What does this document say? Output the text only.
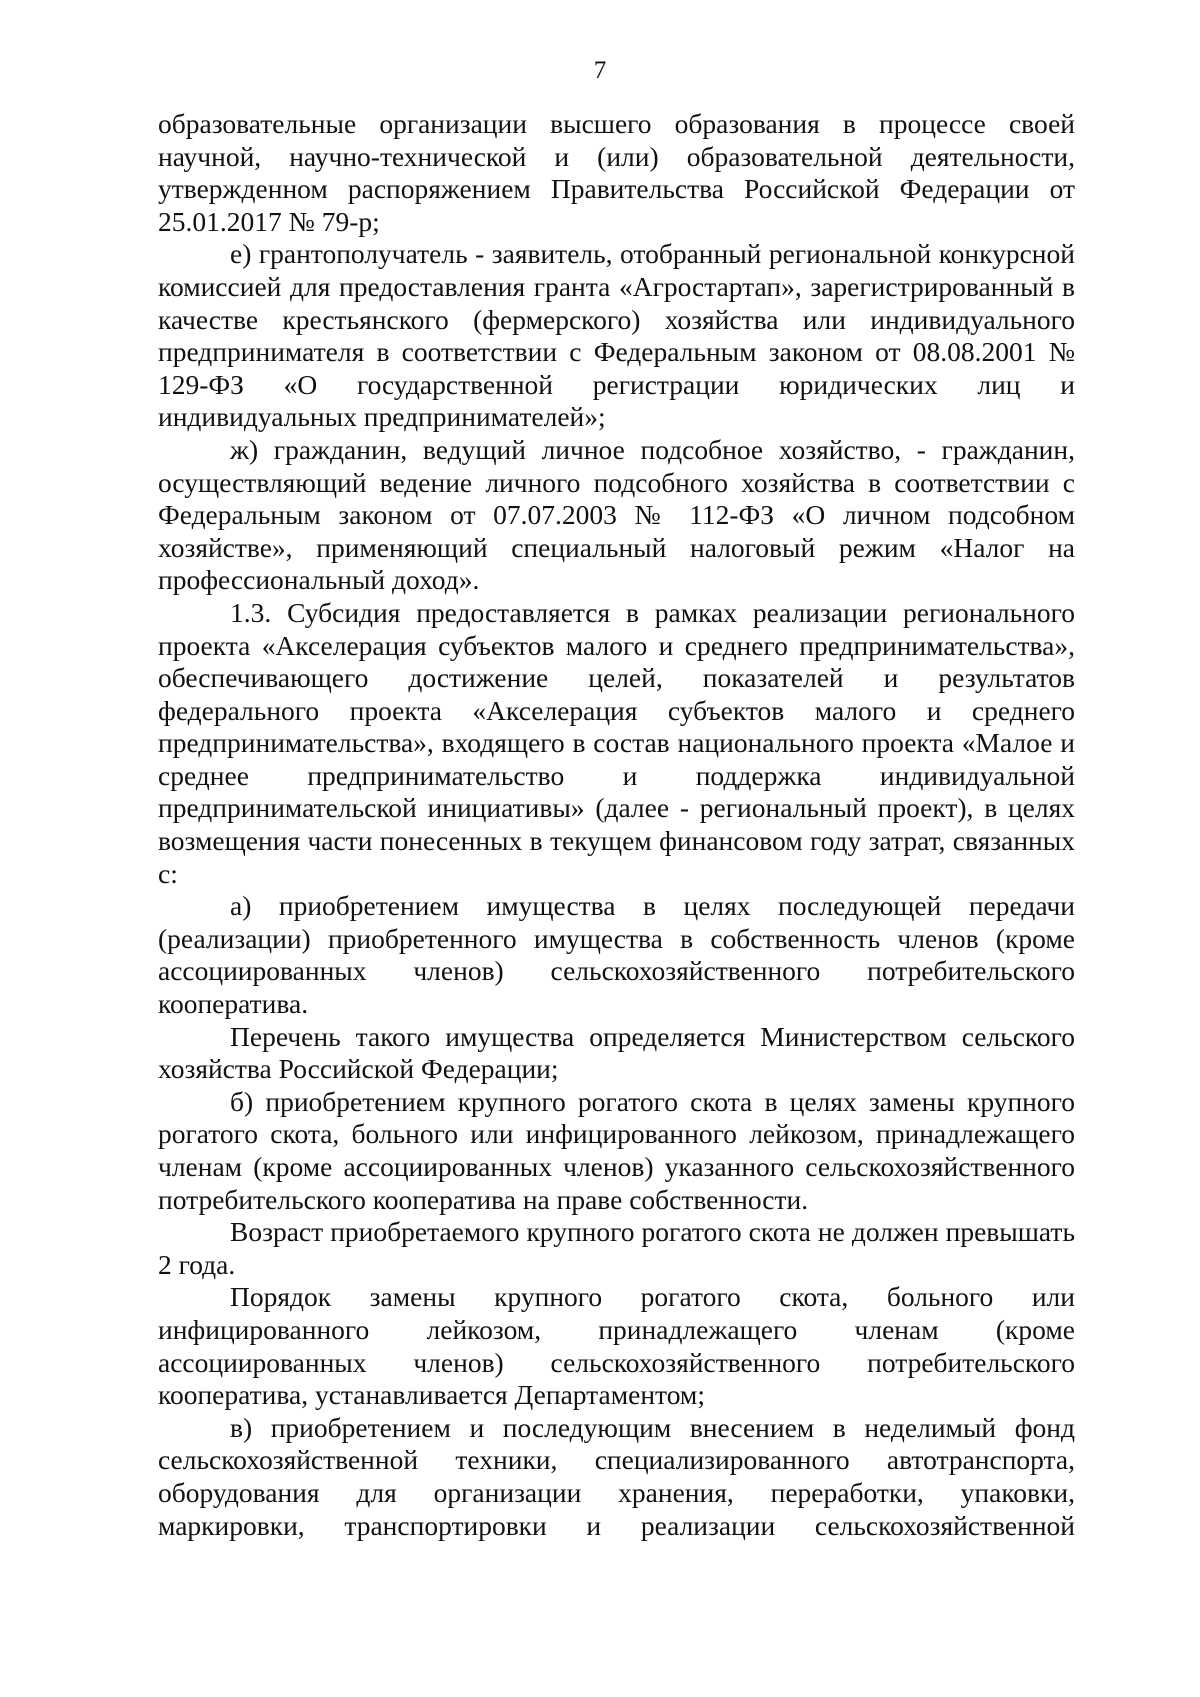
7

образовательные организации высшего образования в процессе своей научной, научно-технической и (или) образовательной деятельности, утвержденном распоряжением Правительства Российской Федерации от 25.01.2017 № 79-р;

е) грантополучатель - заявитель, отобранный региональной конкурсной комиссией для предоставления гранта «Агростартап», зарегистрированный в качестве крестьянского (фермерского) хозяйства или индивидуального предпринимателя в соответствии с Федеральным законом от 08.08.2001 № 129-ФЗ «О государственной регистрации юридических лиц и индивидуальных предпринимателей»;

ж) гражданин, ведущий личное подсобное хозяйство, - гражданин, осуществляющий ведение личного подсобного хозяйства в соответствии с Федеральным законом от 07.07.2003 № 112-ФЗ «О личном подсобном хозяйстве», применяющий специальный налоговый режим «Налог на профессиональный доход».

1.3. Субсидия предоставляется в рамках реализации регионального проекта «Акселерация субъектов малого и среднего предпринимательства», обеспечивающего достижение целей, показателей и результатов федерального проекта «Акселерация субъектов малого и среднего предпринимательства», входящего в состав национального проекта «Малое и среднее предпринимательство и поддержка индивидуальной предпринимательской инициативы» (далее - региональный проект), в целях возмещения части понесенных в текущем финансовом году затрат, связанных с:

а) приобретением имущества в целях последующей передачи (реализации) приобретенного имущества в собственность членов (кроме ассоциированных членов) сельскохозяйственного потребительского кооператива.

Перечень такого имущества определяется Министерством сельского хозяйства Российской Федерации;

б) приобретением крупного рогатого скота в целях замены крупного рогатого скота, больного или инфицированного лейкозом, принадлежащего членам (кроме ассоциированных членов) указанного сельскохозяйственного потребительского кооператива на праве собственности.

Возраст приобретаемого крупного рогатого скота не должен превышать 2 года.

Порядок замены крупного рогатого скота, больного или инфицированного лейкозом, принадлежащего членам (кроме ассоциированных членов) сельскохозяйственного потребительского кооператива, устанавливается Департаментом;

в) приобретением и последующим внесением в неделимый фонд сельскохозяйственной техники, специализированного автотранспорта, оборудования для организации хранения, переработки, упаковки, маркировки, транспортировки и реализации сельскохозяйственной
